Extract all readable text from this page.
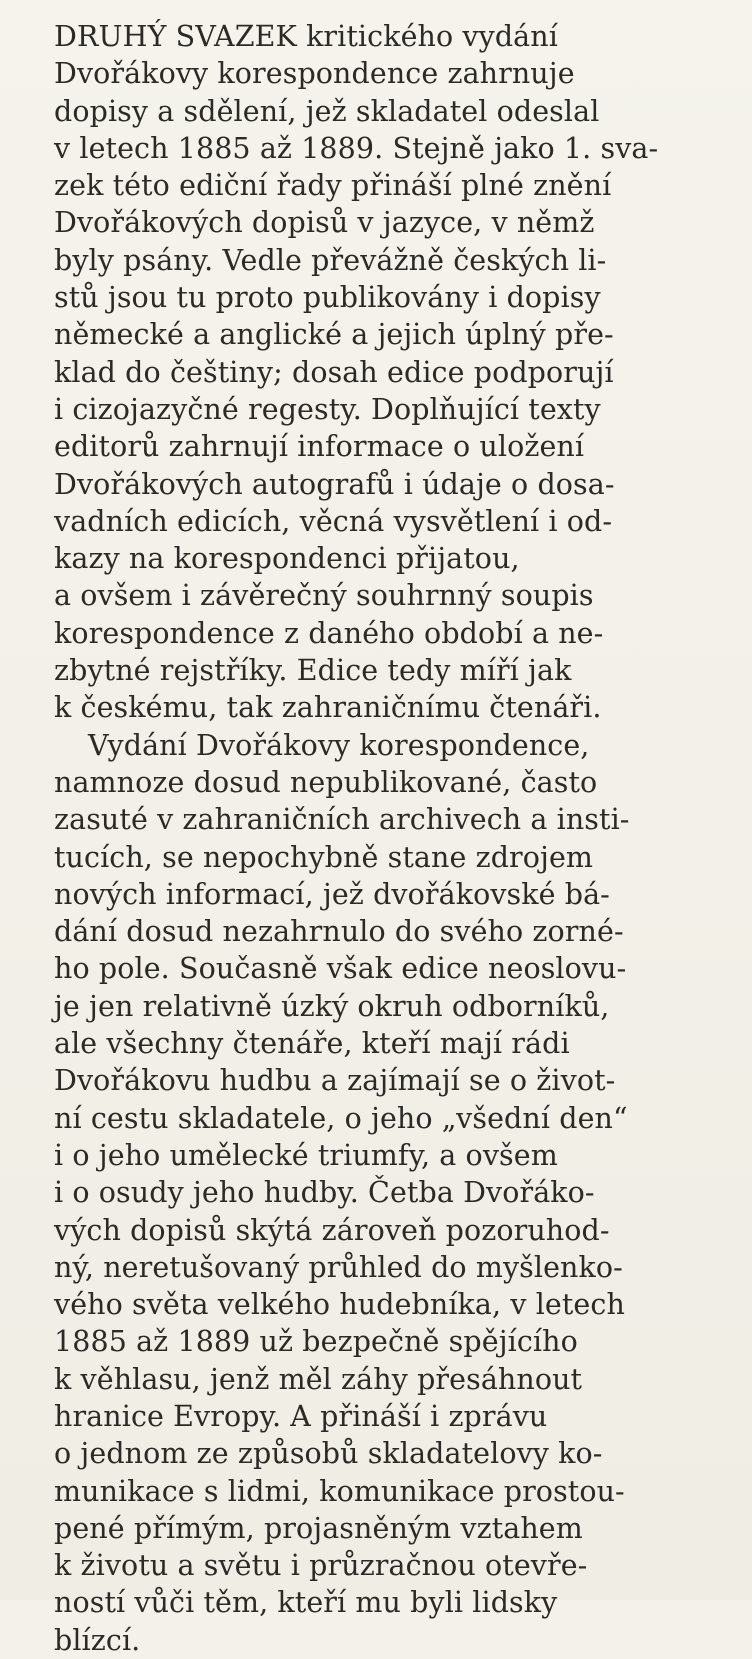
DRUHÝ SVAZEK kritického vydání
Dvořákovy korespondence zahrnuje
dopisy a sdělení, jež skladatel odeslal
v letech 1885 až 1889. Stejně jako 1. sva-
zek této ediční řady přináší plné znění
Dvořákových dopisů v jazyce, v němž
byly psány. Vedle převážně českých li-
stů jsou tu proto publikovány i dopisy
německé a anglické a jejich úplný pře-
klad do češtiny; dosah edice podporují
i cizojazyčné regesty. Doplňující texty
editorů zahrnují informace o uložení
Dvořákových autografů i údaje o dosa-
vadních edicích, věcná vysvětlení i od-
kazy na korespondenci přijatou,
a ovšem i závěrečný souhrnný soupis
korespondence z daného období a ne-
zbytné rejstříky. Edice tedy míří jak
k českému, tak zahraničnímu čtenáři.
Vydání Dvořákovy korespondence,
namnoze dosud nepublikované, často
zasuté v zahraničních archivech a insti-
tucích, se nepochybně stane zdrojem
nových informací, jež dvořákovské bá-
dání dosud nezahrnulo do svého zorné-
ho pole. Současně však edice neoslovu-
je jen relativně úzký okruh odborníků,
ale všechny čtenáře, kteří mají rádi
Dvořákovu hudbu a zajímají se o život-
ní cestu skladatele, o jeho „všední den“
i o jeho umělecké triumfy, a ovšem
i o osudy jeho hudby. Četba Dvořáko-
vých dopisů skýtá zároveň pozoruhod-
ný, neretušovaný průhled do myšlenko-
vého světa velkého hudebníka, v letech
1885 až 1889 už bezpečně spějícího
k věhlasu, jenž měl záhy přesáhnout
hranice Evropy. A přináší i zprávu
o jednom ze způsobů skladatelovy ko-
munikace s lidmi, komunikace prostou-
pené přímým, projasněným vztahem
k životu a světu i průzračnou otevře-
ností vůči těm, kteří mu byli lidsky
blízcí.
